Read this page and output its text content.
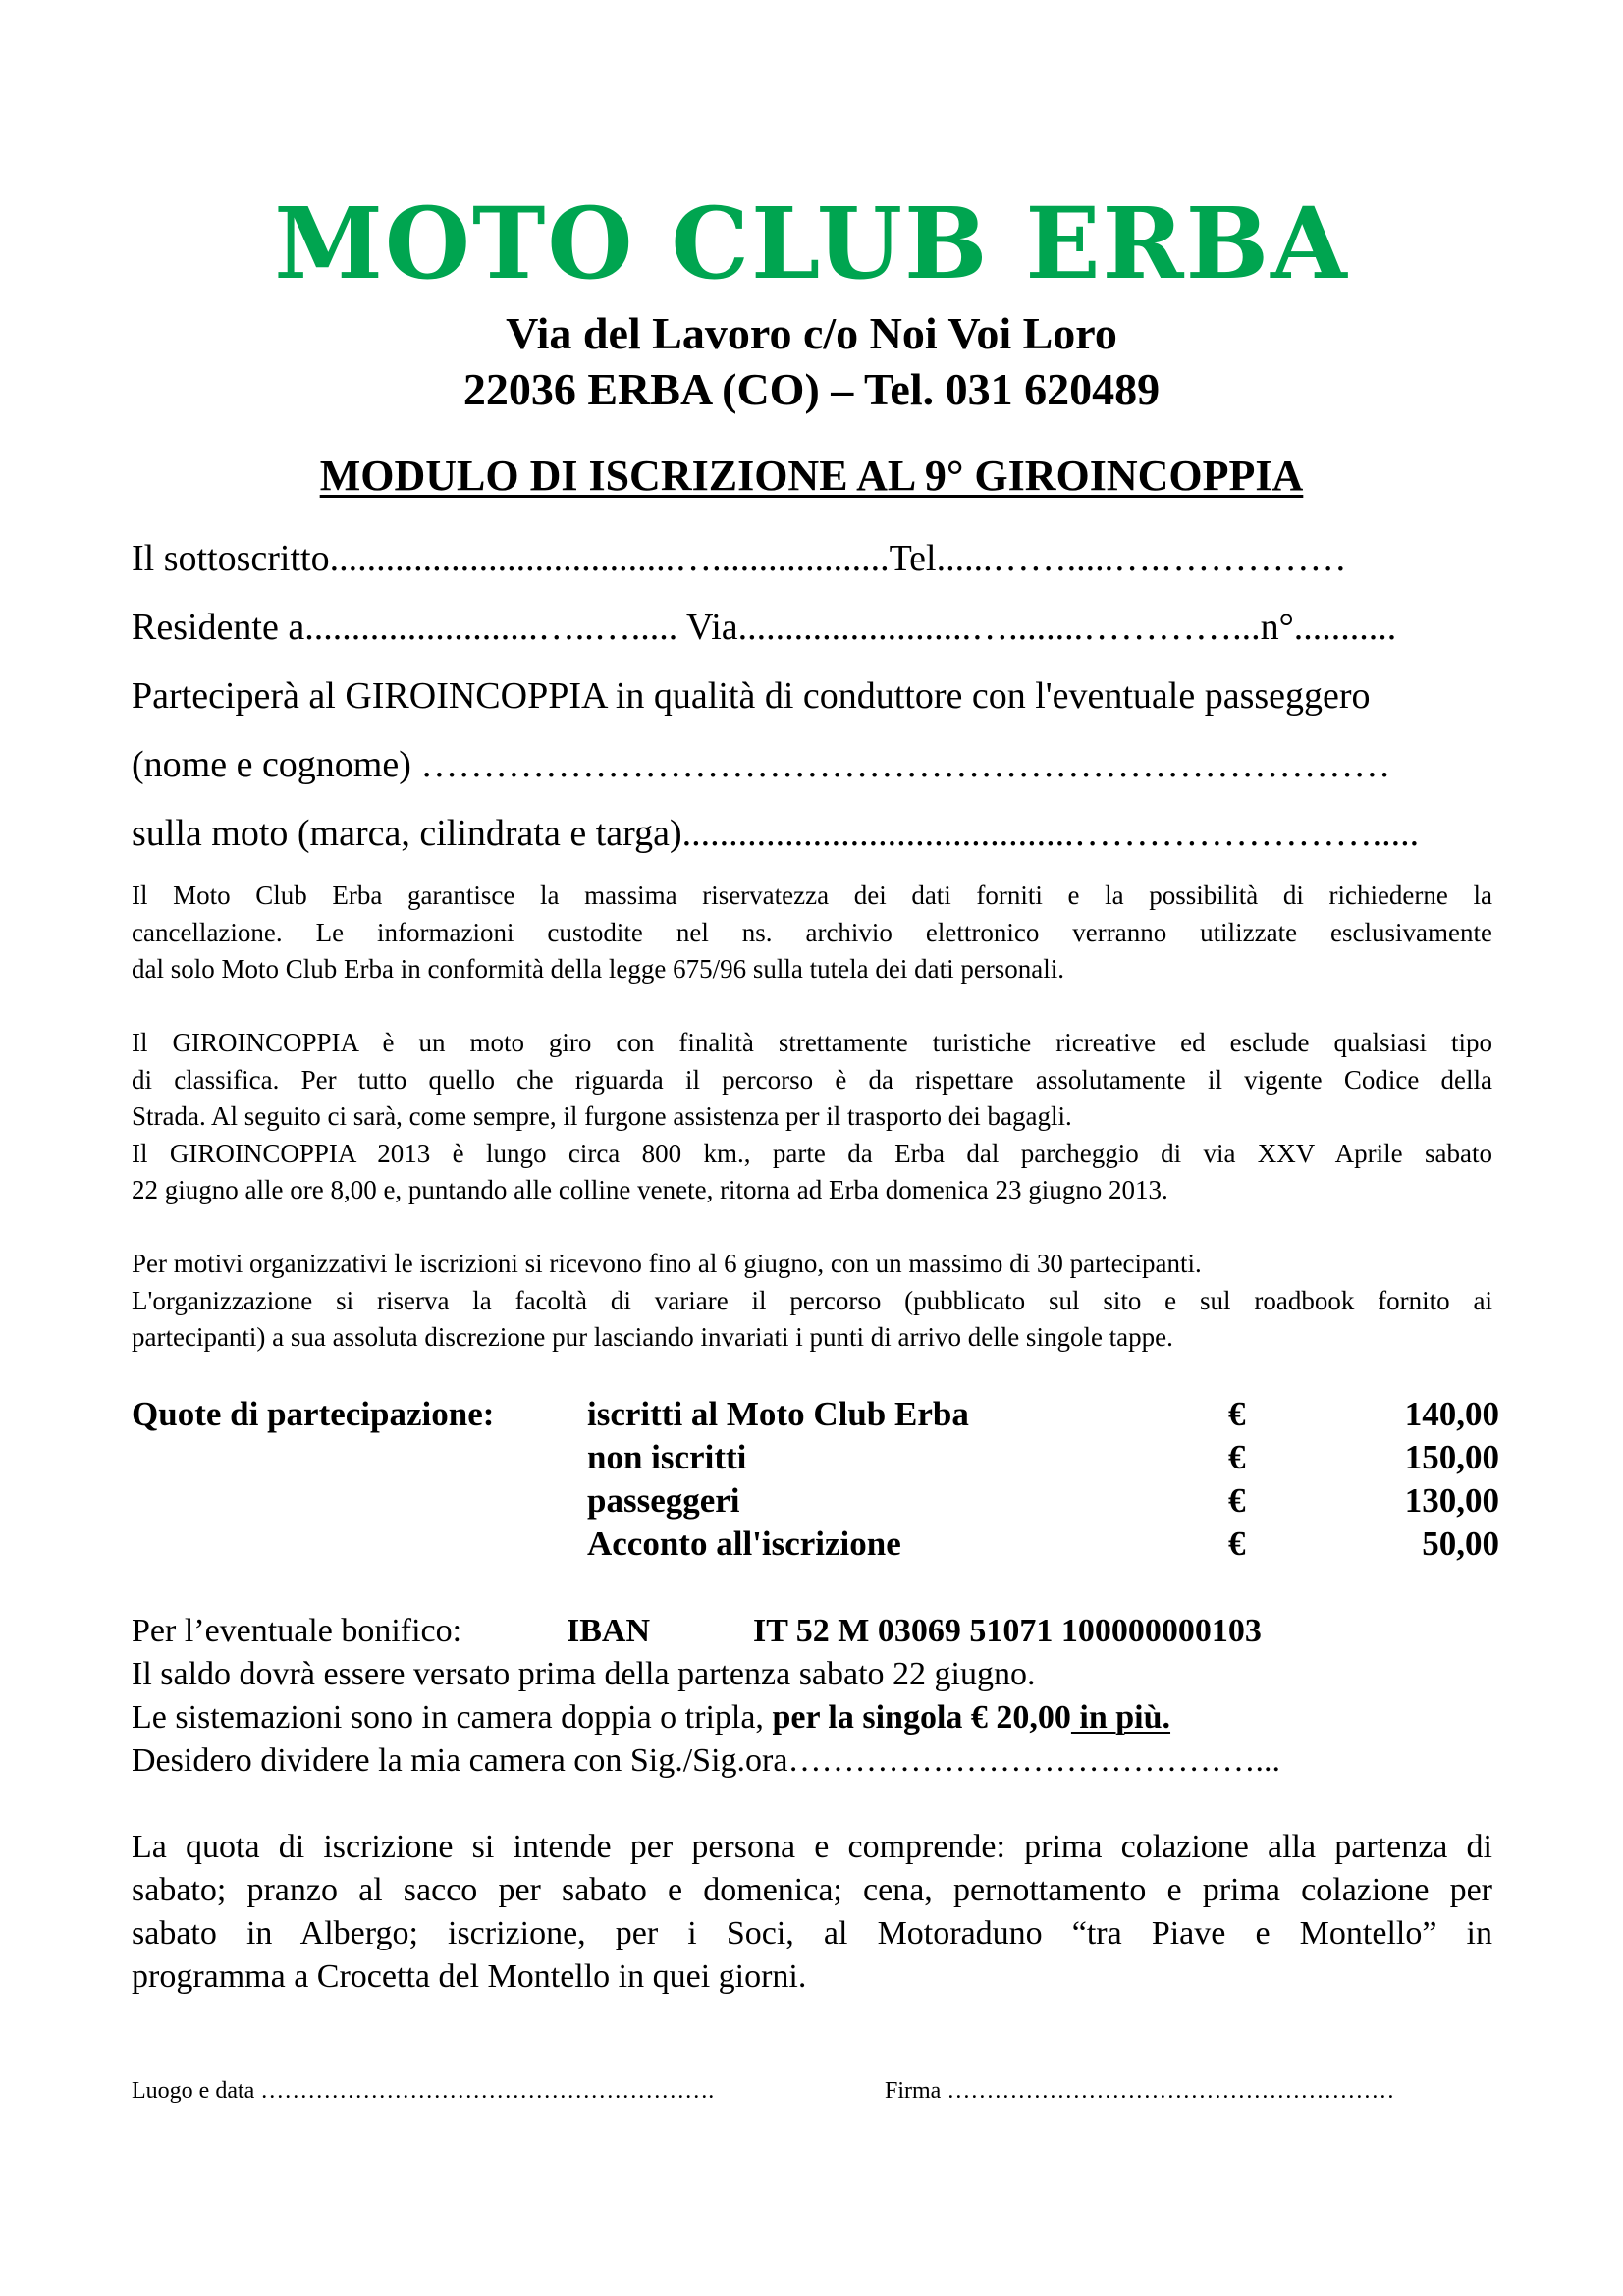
MOTO CLUB ERBA
Via del Lavoro c/o Noi Voi Loro
22036 ERBA (CO) – Tel. 031 620489
MODULO DI ISCRIZIONE AL 9° GIROINCOPPIA
Il sottoscritto.....................................…...................Tel......…….....….……………
Residente a.........................…..…..... Via.........................…........…………...n°...........
Parteciperà al GIROINCOPPIA in qualità di conduttore con l'eventuale passeggero
(nome e cognome) ……………………………………………………………………
sulla moto (marca, cilindrata e targa)..........................................…………………….....

Il Moto Club Erba garantisce la massima riservatezza dei dati forniti e la possibilità di richiederne la

cancellazione. Le informazioni custodite nel ns. archivio elettronico verranno utilizzate esclusivamente

dal solo Moto Club Erba in conformità della legge 675/96 sulla tutela dei dati personali.

Il GIROINCOPPIA è un moto giro con finalità strettamente turistiche ricreative ed esclude qualsiasi tipo

di classifica. Per tutto quello che riguarda il percorso è da rispettare assolutamente il vigente Codice della

Strada. Al seguito ci sarà, come sempre, il furgone assistenza per il trasporto dei bagagli.

Il GIROINCOPPIA 2013 è lungo circa 800 km., parte da Erba dal parcheggio di via XXV Aprile sabato

22 giugno alle ore 8,00 e, puntando alle colline venete, ritorna ad Erba domenica 23 giugno 2013.

Per motivi organizzativi le iscrizioni si ricevono fino al 6 giugno, con un massimo di 30 partecipanti.

L'organizzazione si riserva la facoltà di variare il percorso (pubblicato sul sito e sul roadbook fornito ai

partecipanti) a sua assoluta discrezione pur lasciando invariati i punti di arrivo delle singole tappe.

Quote di partecipazione:	iscritti al Moto Club Erba	€	140,00
non iscritti	€	150,00
passeggeri	€	130,00
Acconto all'iscrizione	€	50,00
Per l’eventuale bonifico:	IBAN	IT 52 M 03069 51071 100000000103
Il saldo dovrà essere versato prima della partenza sabato 22 giugno.
Le sistemazioni sono in camera doppia o tripla, per la singola € 20,00 in più.
Desidero dividere la mia camera con Sig./Sig.ora……………………………………...
La quota di iscrizione si intende per persona e comprende: prima colazione alla partenza di
sabato; pranzo al sacco per sabato e domenica; cena, pernottamento e prima colazione per
sabato in Albergo; iscrizione, per i Soci, al Motoraduno “tra Piave e Montello” in
programma a Crocetta del Montello in quei giorni.
Luogo e data ………………………………………………….	Firma …………………………………………………
